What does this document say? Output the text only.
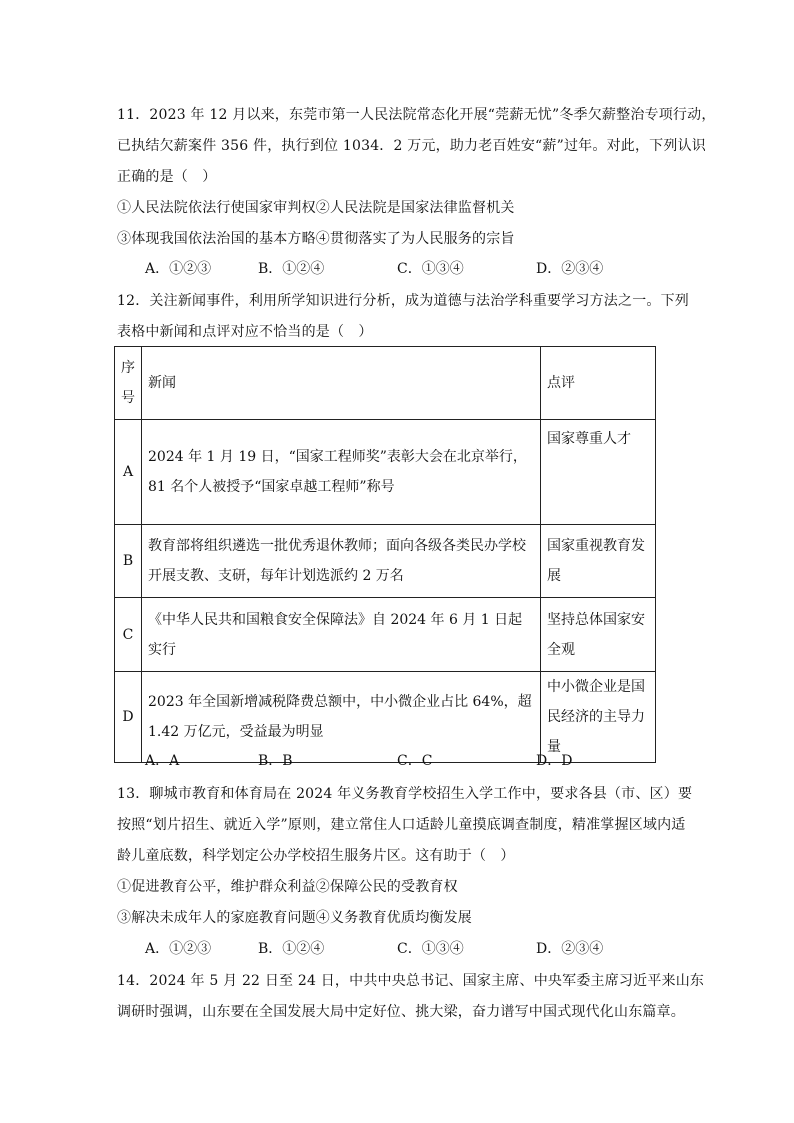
11．2023 年 12 月以来，东莞市第一人民法院常态化开展“莞薪无忧”冬季欠薪整治专项行动，
已执结欠薪案件 356 件，执行到位 1034．2 万元，助力老百姓安“薪”过年。对此，下列认识
正确的是（　）
①人民法院依法行使国家审判权②人民法院是国家法律监督机关
③体现我国依法治国的基本方略④贯彻落实了为人民服务的宗旨
A．①②③	B．①②④	C．①③④	D．②③④
12．关注新闻事件，利用所学知识进行分析，成为道德与法治学科重要学习方法之一。下列
表格中新闻和点评对应不恰当的是（　）
序
号	新闻	点评
A	2024 年 1 月 19 日，“国家工程师奖”表彰大会在北京举行，81 名个人被授予“国家卓越工程师”称号	国家尊重人才

B	教育部将组织遴选一批优秀退休教师；面向各级各类民办学校开展支教、支研，每年计划选派约 2 万名	国家重视教育发展

C	《中华人民共和国粮食安全保障法》自 2024 年 6 月 1 日起实行	坚持总体国家安全观

D	2023 年全国新增减税降费总额中，中小微企业占比 64%，超 1.42 万亿元，受益最为明显	中小微企业是国民经济的主导力量
A．A	B．B	C．C	D．D
13．聊城市教育和体育局在 2024 年义务教育学校招生入学工作中，要求各县（市、区）要
按照“划片招生、就近入学”原则，建立常住人口适龄儿童摸底调查制度，精准掌握区域内适
龄儿童底数，科学划定公办学校招生服务片区。这有助于（　）
①促进教育公平，维护群众利益②保障公民的受教育权
③解决未成年人的家庭教育问题④义务教育优质均衡发展
A．①②③	B．①②④	C．①③④	D．②③④
14．2024 年 5 月 22 日至 24 日，中共中央总书记、国家主席、中央军委主席习近平来山东
调研时强调，山东要在全国发展大局中定好位、挑大梁，奋力谱写中国式现代化山东篇章。
